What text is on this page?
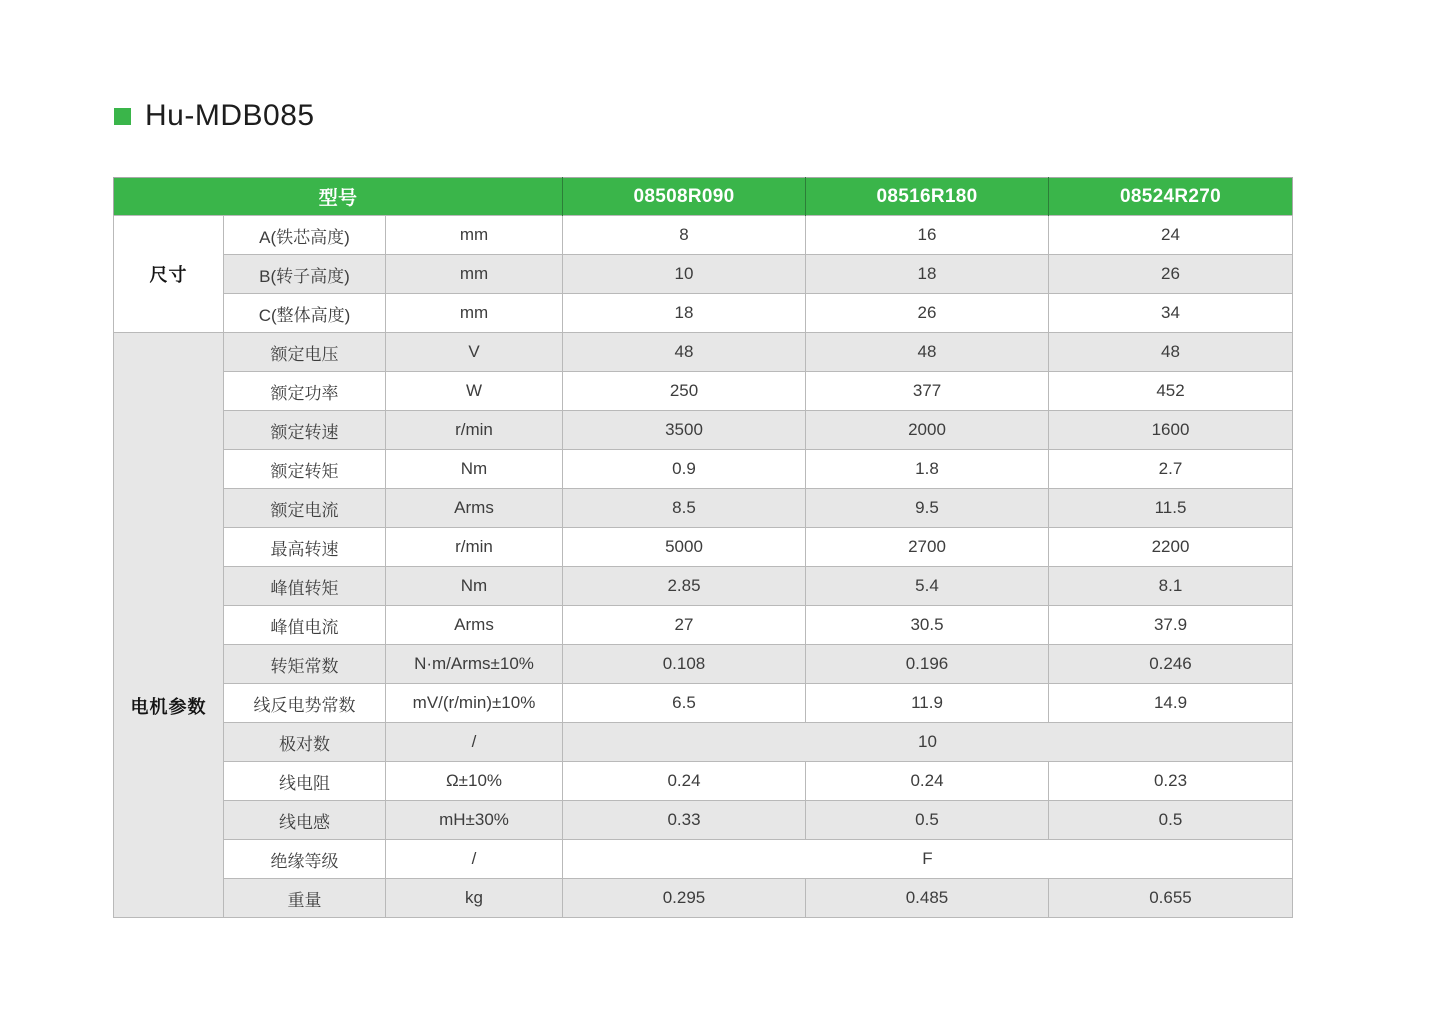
Hu-MDB085
型号			08508R090	08516R180	08524R270
尺寸	A(铁芯高度)	mm	8	16	24
	B(转子高度)	mm	10	18	26
	C(整体高度)	mm	18	26	34
电机参数	额定电压	V	48	48	48
	额定功率	W	250	377	452
	额定转速	r/min	3500	2000	1600
	额定转矩	Nm	0.9	1.8	2.7
	额定电流	Arms	8.5	9.5	11.5
	最高转速	r/min	5000	2700	2200
	峰值转矩	Nm	2.85	5.4	8.1
	峰值电流	Arms	27	30.5	37.9
	转矩常数	N·m/Arms±10%	0.108	0.196	0.246
	线反电势常数	mV/(r/min)±10%	6.5	11.9	14.9
	极对数	/	10		
	线电阻	Ω±10%	0.24	0.24	0.23
	线电感	mH±30%	0.33	0.5	0.5
	绝缘等级	/	F		
	重量	kg	0.295	0.485	0.655
